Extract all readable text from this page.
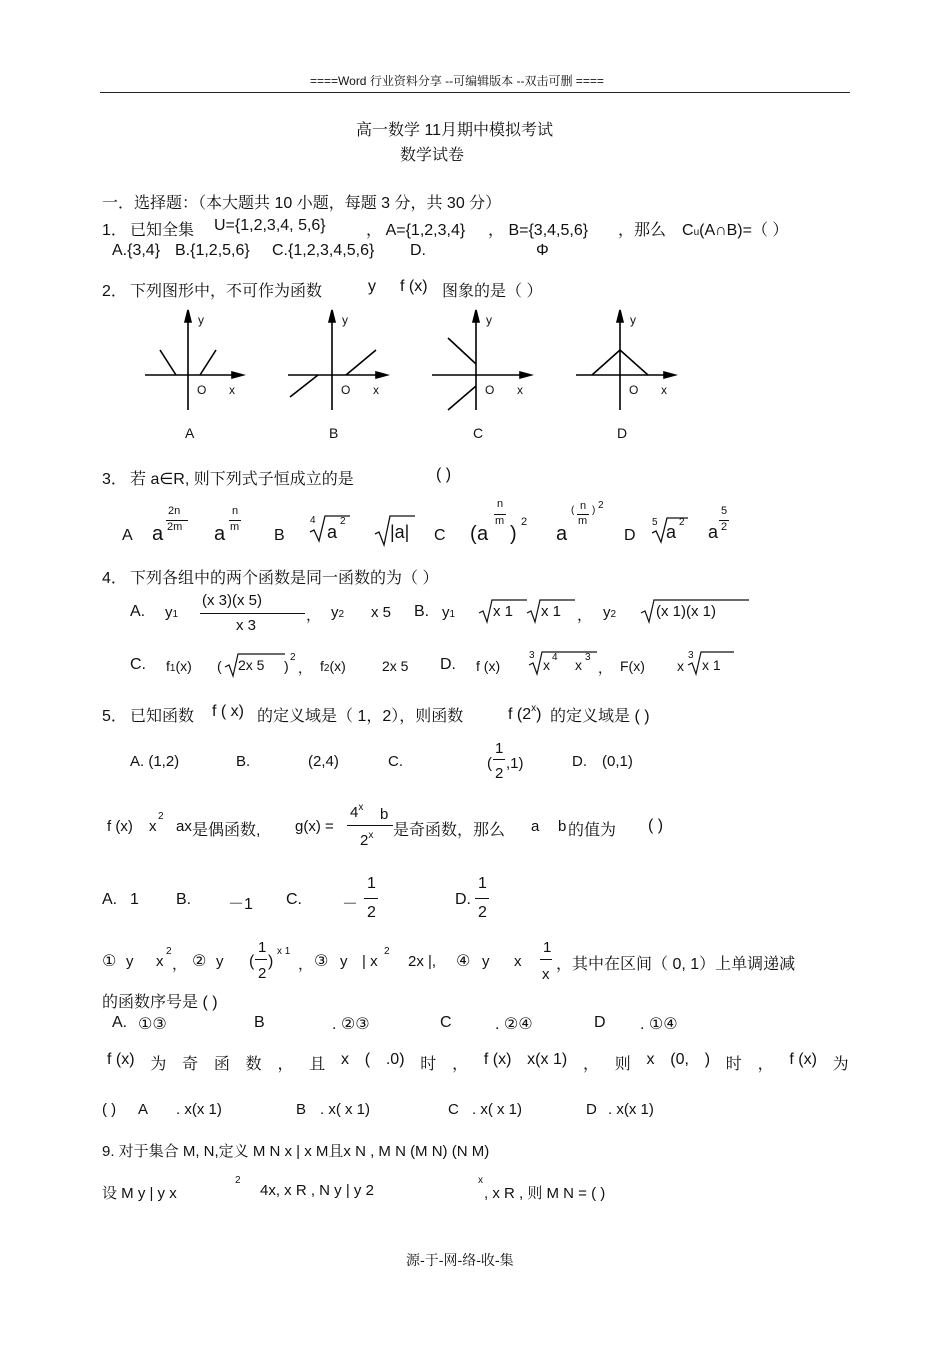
====Word 行业资料分享 --可编辑版本 --双击可删 ====
高一数学 11月期中模拟考试
数学试卷
一．选择题：（本大题共 10 小题，每题 3 分，共 30 分）
1． 已知全集 U={1,2,3,4, 5,6}	， A={1,2,3,4} ， B={3,4,5,6} ，那么 Cu(A∩B)=（ ）
A.{3,4} B.{1,2,5,6} C.{1,2,3,4,5,6} D.	Φ
2． 下列图形中，不可作为函数	y f (x) 图象的是（ ）
y
O x
A
y
O x
B
y
O x
C
y
O x
D
3． 若 a∈R, 则下列式子恒成立的是	( )
A a
2n
2m a
n
m B
4
a
2
|a| C ( a
n
m
)
2
a
( n
m
) 2
D
5 a 2 a
5
2
4． 下列各组中的两个函数是同一函数的为（ ）
A. y1
(x 3)(x 5)
x 3
， y2 x 5 B. y1	x 1 x 1 ， y2	(x 1)(x 1)
C. f1(x) ( 2x 5 )
2
， f2(x)	2x 5 D. f (x)
3
x 4 x 3
， F(x) x
3
x 1
5． 已知函数 f ( x) 的定义域是（ 1，2），则函数	f (2$^x$) 的定义域是 ( )
A. (1,2)	B.	(2,4)	C.	(
1
2
,1)	D. (0,1)
f (x) x
2
ax 是偶函数, g(x) =
$4^x$ b
2$^x$ 是奇函数，那么 a b 的值为 ( )
A. 1 B. －1 C.	－
1
2
D.
1
2
① y x
2
， ② y (
1
2
)
x 1
， ③ y | x
2
2x |, ④ y x
1
x
，其中在区间（ 0, 1）上单调递减
的函数序号是 ( )
A. ①③	B	. ②③	C	. ②④	D . ①④
f (x) 为 奇 函 数 ， 且 x ( .0) 时 ， f (x) x(x 1) ， 则 x (0, ) 时 ， f (x) 为
( ) A . x(x 1)	B . x( x 1)	C . x( x 1)	D . x(x 1)
9. 对于集合 M, N,定义 M N x | x M且x N , M N (M N) (N M)
设 M y | y x
2
4x, x R , N y | y 2
x
, x R , 则 M N = ( )
源-于-网-络-收-集
